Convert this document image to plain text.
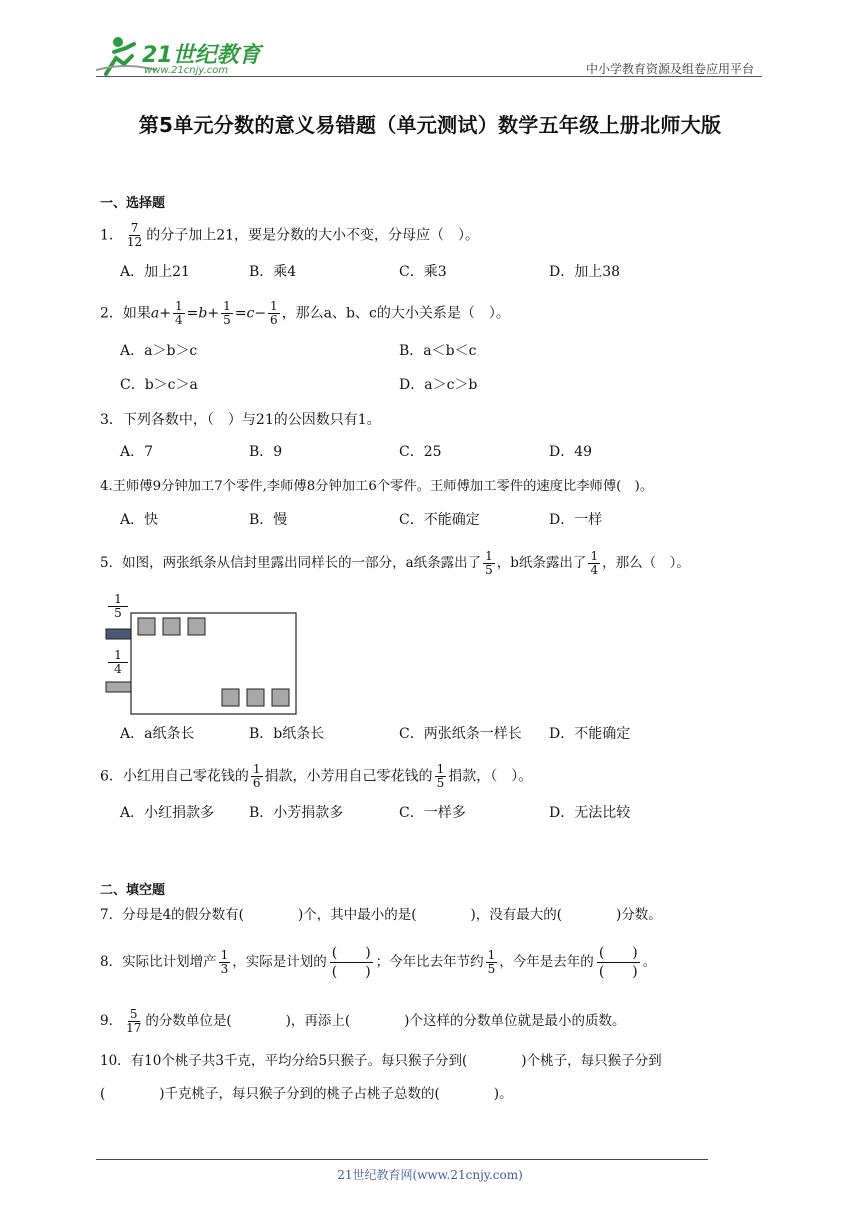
21世纪教育
www.21cnjy.com	中小学教育资源及组卷应用平台
第5单元分数的意义易错题（单元测试）数学五年级上册北师大版
一、选择题
1． $\frac{7}{12}$ 的分子加上21，要是分数的大小不变，分母应（　）。
A．加上21	B．乘4	C．乘3	D．加上38
2．如果$a+ \frac{1}{4} =b+ \frac{1}{5} =c- \frac{1}{6}$ ，那么a、b、c的大小关系是（　）。
A．a＞b＞c	B．a＜b＜c
C．b＞c＞a	D．a＞c＞b
3．下列各数中，（　）与21的公因数只有1。
A．7	B．9	C．25	D．49
4.王师傅9分钟加工7个零件,李师傅8分钟加工6个零件。王师傅加工零件的速度比李师傅(　)。
A．快	B．慢	C．不能确定	D．一样
5．如图，两张纸条从信封里露出同样长的一部分，a纸条露出了 $\frac{1}{5}$ ，b纸条露出了 $\frac{1}{4}$ ，那么（　）。
$\frac{1}{5}$
$\frac{1}{4}$
A．a纸条长	B．b纸条长	C．两张纸条一样长 D．不能确定
6．小红用自己零花钱的 $\frac{1}{6}$ 捐款，小芳用自己零花钱的 $\frac{1}{5}$ 捐款，（　）。
A．小红捐款多 B．小芳捐款多	C．一样多	D．无法比较
二、填空题
7．分母是4的假分数有(　　　　)个，其中最小的是(　　　　)，没有最大的(　　　　)分数。
8．实际比计划增产 $\frac{1}{3}$ ，实际是计划的
(　　)
(　　)
；今年比去年节约 $\frac{1}{5}$ ，今年是去年的
(　　)
(　　)
。
9． $\frac{5}{17}$ 的分数单位是(　　　　)，再添上(　　　　)个这样的分数单位就是最小的质数。
10．有10个桃子共3千克，平均分给5只猴子。每只猴子分到(　　　　)个桃子，每只猴子分到
(　　　　)千克桃子，每只猴子分到的桃子占桃子总数的(　　　　)。
21世纪教育网(www.21cnjy.com)
